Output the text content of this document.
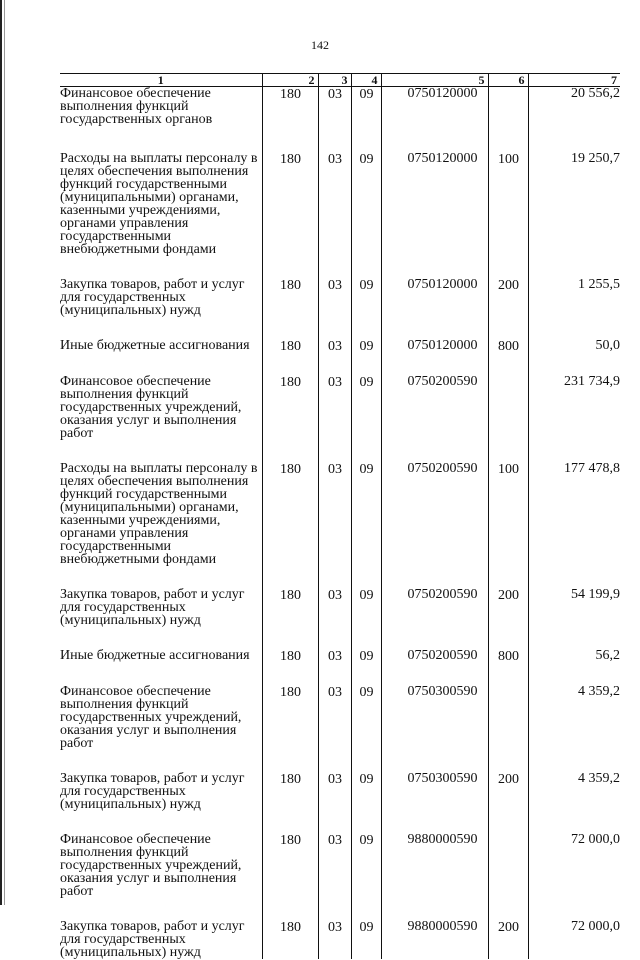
142
1	2	3	4	5	6	7
Финансовое обеспечение выполнения функций государственных органов	180	03	09	0750120000		20 556,2
Расходы на выплаты персоналу в целях обеспечения выполнения функций государственными (муниципальными) органами, казенными учреждениями, органами управления государственными внебюджетными фондами	180	03	09	0750120000	100	19 250,7
Закупка товаров, работ и услуг для государственных (муниципальных) нужд	180	03	09	0750120000	200	1 255,5
Иные бюджетные ассигнования	180	03	09	0750120000	800	50,0
Финансовое обеспечение выполнения функций государственных учреждений, оказания услуг и выполнения работ	180	03	09	0750200590		231 734,9
Расходы на выплаты персоналу в целях обеспечения выполнения функций государственными (муниципальными) органами, казенными учреждениями, органами управления государственными внебюджетными фондами	180	03	09	0750200590	100	177 478,8
Закупка товаров, работ и услуг для государственных (муниципальных) нужд	180	03	09	0750200590	200	54 199,9
Иные бюджетные ассигнования	180	03	09	0750200590	800	56,2
Финансовое обеспечение выполнения функций государственных учреждений, оказания услуг и выполнения работ	180	03	09	0750300590		4 359,2
Закупка товаров, работ и услуг для государственных (муниципальных) нужд	180	03	09	0750300590	200	4 359,2
Финансовое обеспечение выполнения функций государственных учреждений, оказания услуг и выполнения работ	180	03	09	9880000590		72 000,0
Закупка товаров, работ и услуг для государственных (муниципальных) нужд	180	03	09	9880000590	200	72 000,0
